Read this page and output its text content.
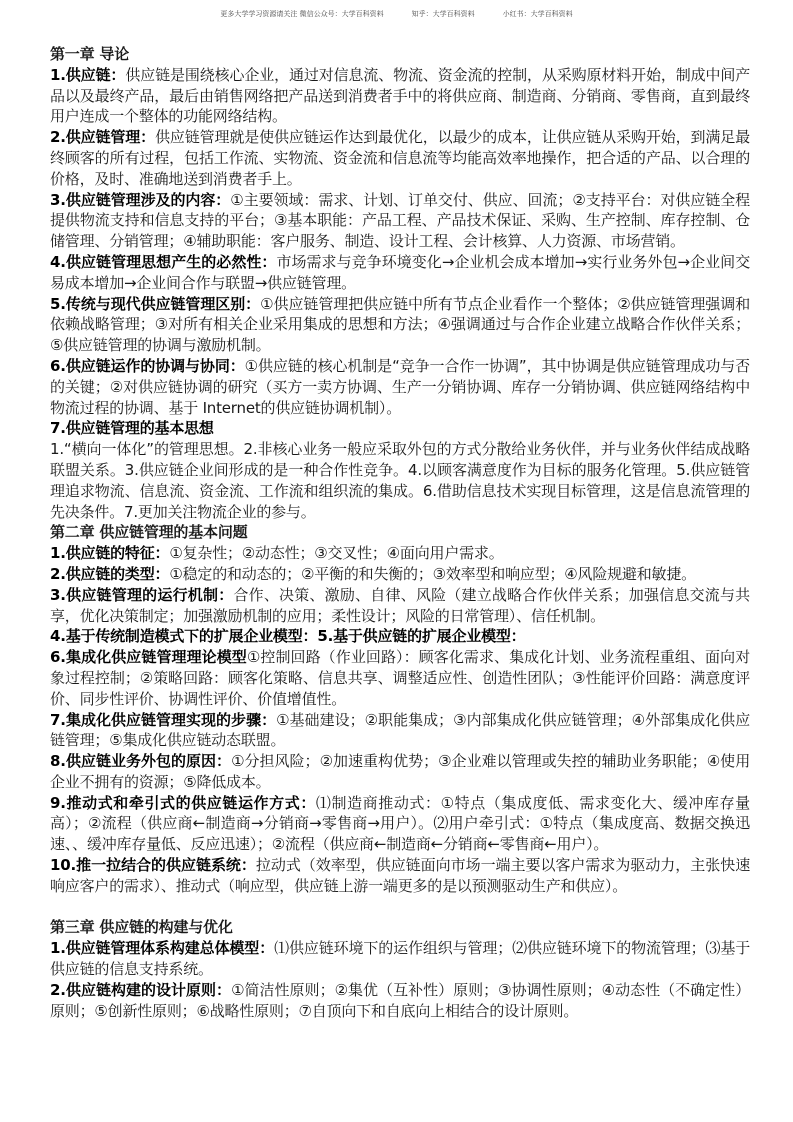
更多大学学习资源请关注 微信公众号：大学百科资料	知乎：大学百科资料	小红书：大学百科资料

第一章 导论

1.供应链：供应链是围绕核心企业，通过对信息流、物流、资金流的控制，从采购原材料开始，制成中间产品以及最终产品，最后由销售网络把产品送到消费者手中的将供应商、制造商、分销商、零售商，直到最终用户连成一个整体的功能网络结构。

2.供应链管理：供应链管理就是使供应链运作达到最优化，以最少的成本，让供应链从采购开始，到满足最终顾客的所有过程，包括工作流、实物流、资金流和信息流等均能高效率地操作，把合适的产品、以合理的价格，及时、准确地送到消费者手上。

3.供应链管理涉及的内容：①主要领域：需求、计划、订单交付、供应、回流；②支持平台：对供应链全程提供物流支持和信息支持的平台；③基本职能：产品工程、产品技术保证、采购、生产控制、库存控制、仓储管理、分销管理；④辅助职能：客户服务、制造、设计工程、会计核算、人力资源、市场营销。

4.供应链管理思想产生的必然性：市场需求与竞争环境变化→企业机会成本增加→实行业务外包→企业间交易成本增加→企业间合作与联盟→供应链管理。

5.传统与现代供应链管理区别：①供应链管理把供应链中所有节点企业看作一个整体；②供应链管理强调和依赖战略管理；③对所有相关企业采用集成的思想和方法；④强调通过与合作企业建立战略合作伙伴关系；⑤供应链管理的协调与激励机制。

6.供应链运作的协调与协同：①供应链的核心机制是“竞争一合作一协调”，其中协调是供应链管理成功与否的关键；②对供应链协调的研究（买方一卖方协调、生产一分销协调、库存一分销协调、供应链网络结构中物流过程的协调、基于 Internet的供应链协调机制）。

7.供应链管理的基本思想

1.“横向一体化”的管理思想。2.非核心业务一般应采取外包的方式分散给业务伙伴，并与业务伙伴结成战略联盟关系。3.供应链企业间形成的是一种合作性竞争。4.以顾客满意度作为目标的服务化管理。5.供应链管理追求物流、信息流、资金流、工作流和组织流的集成。6.借助信息技术实现目标管理，这是信息流管理的先决条件。7.更加关注物流企业的参与。

第二章 供应链管理的基本问题

1.供应链的特征：①复杂性；②动态性；③交叉性；④面向用户需求。

2.供应链的类型：①稳定的和动态的；②平衡的和失衡的；③效率型和响应型；④风险规避和敏捷。

3.供应链管理的运行机制：合作、决策、激励、自律、风险（建立战略合作伙伴关系；加强信息交流与共享，优化决策制定；加强激励机制的应用；柔性设计；风险的日常管理）、信任机制。

4.基于传统制造模式下的扩展企业模型：5.基于供应链的扩展企业模型：

6.集成化供应链管理理论模型①控制回路（作业回路）：顾客化需求、集成化计划、业务流程重组、面向对象过程控制；②策略回路：顾客化策略、信息共享、调整适应性、创造性团队；③性能评价回路：满意度评价、同步性评价、协调性评价、价值增值性。

7.集成化供应链管理实现的步骤：①基础建设；②职能集成；③内部集成化供应链管理；④外部集成化供应链管理；⑤集成化供应链动态联盟。

8.供应链业务外包的原因：①分担风险；②加速重构优势；③企业难以管理或失控的辅助业务职能；④使用企业不拥有的资源；⑤降低成本。

9.推动式和牵引式的供应链运作方式：⑴制造商推动式：①特点（集成度低、需求变化大、缓冲库存量高）；②流程（供应商←制造商→分销商→零售商→用户）。⑵用户牵引式：①特点（集成度高、数据交换迅速、、缓冲库存量低、反应迅速）；②流程（供应商←制造商←分销商←零售商←用户）。

10.推一拉结合的供应链系统：拉动式（效率型，供应链面向市场一端主要以客户需求为驱动力，主张快速响应客户的需求）、推动式（响应型，供应链上游一端更多的是以预测驱动生产和供应）。

第三章 供应链的构建与优化

1.供应链管理体系构建总体模型：⑴供应链环境下的运作组织与管理；⑵供应链环境下的物流管理；⑶基于供应链的信息支持系统。

2.供应链构建的设计原则：①简洁性原则；②集优（互补性）原则；③协调性原则；④动态性（不确定性）原则；⑤创新性原则；⑥战略性原则；⑦自顶向下和自底向上相结合的设计原则。
